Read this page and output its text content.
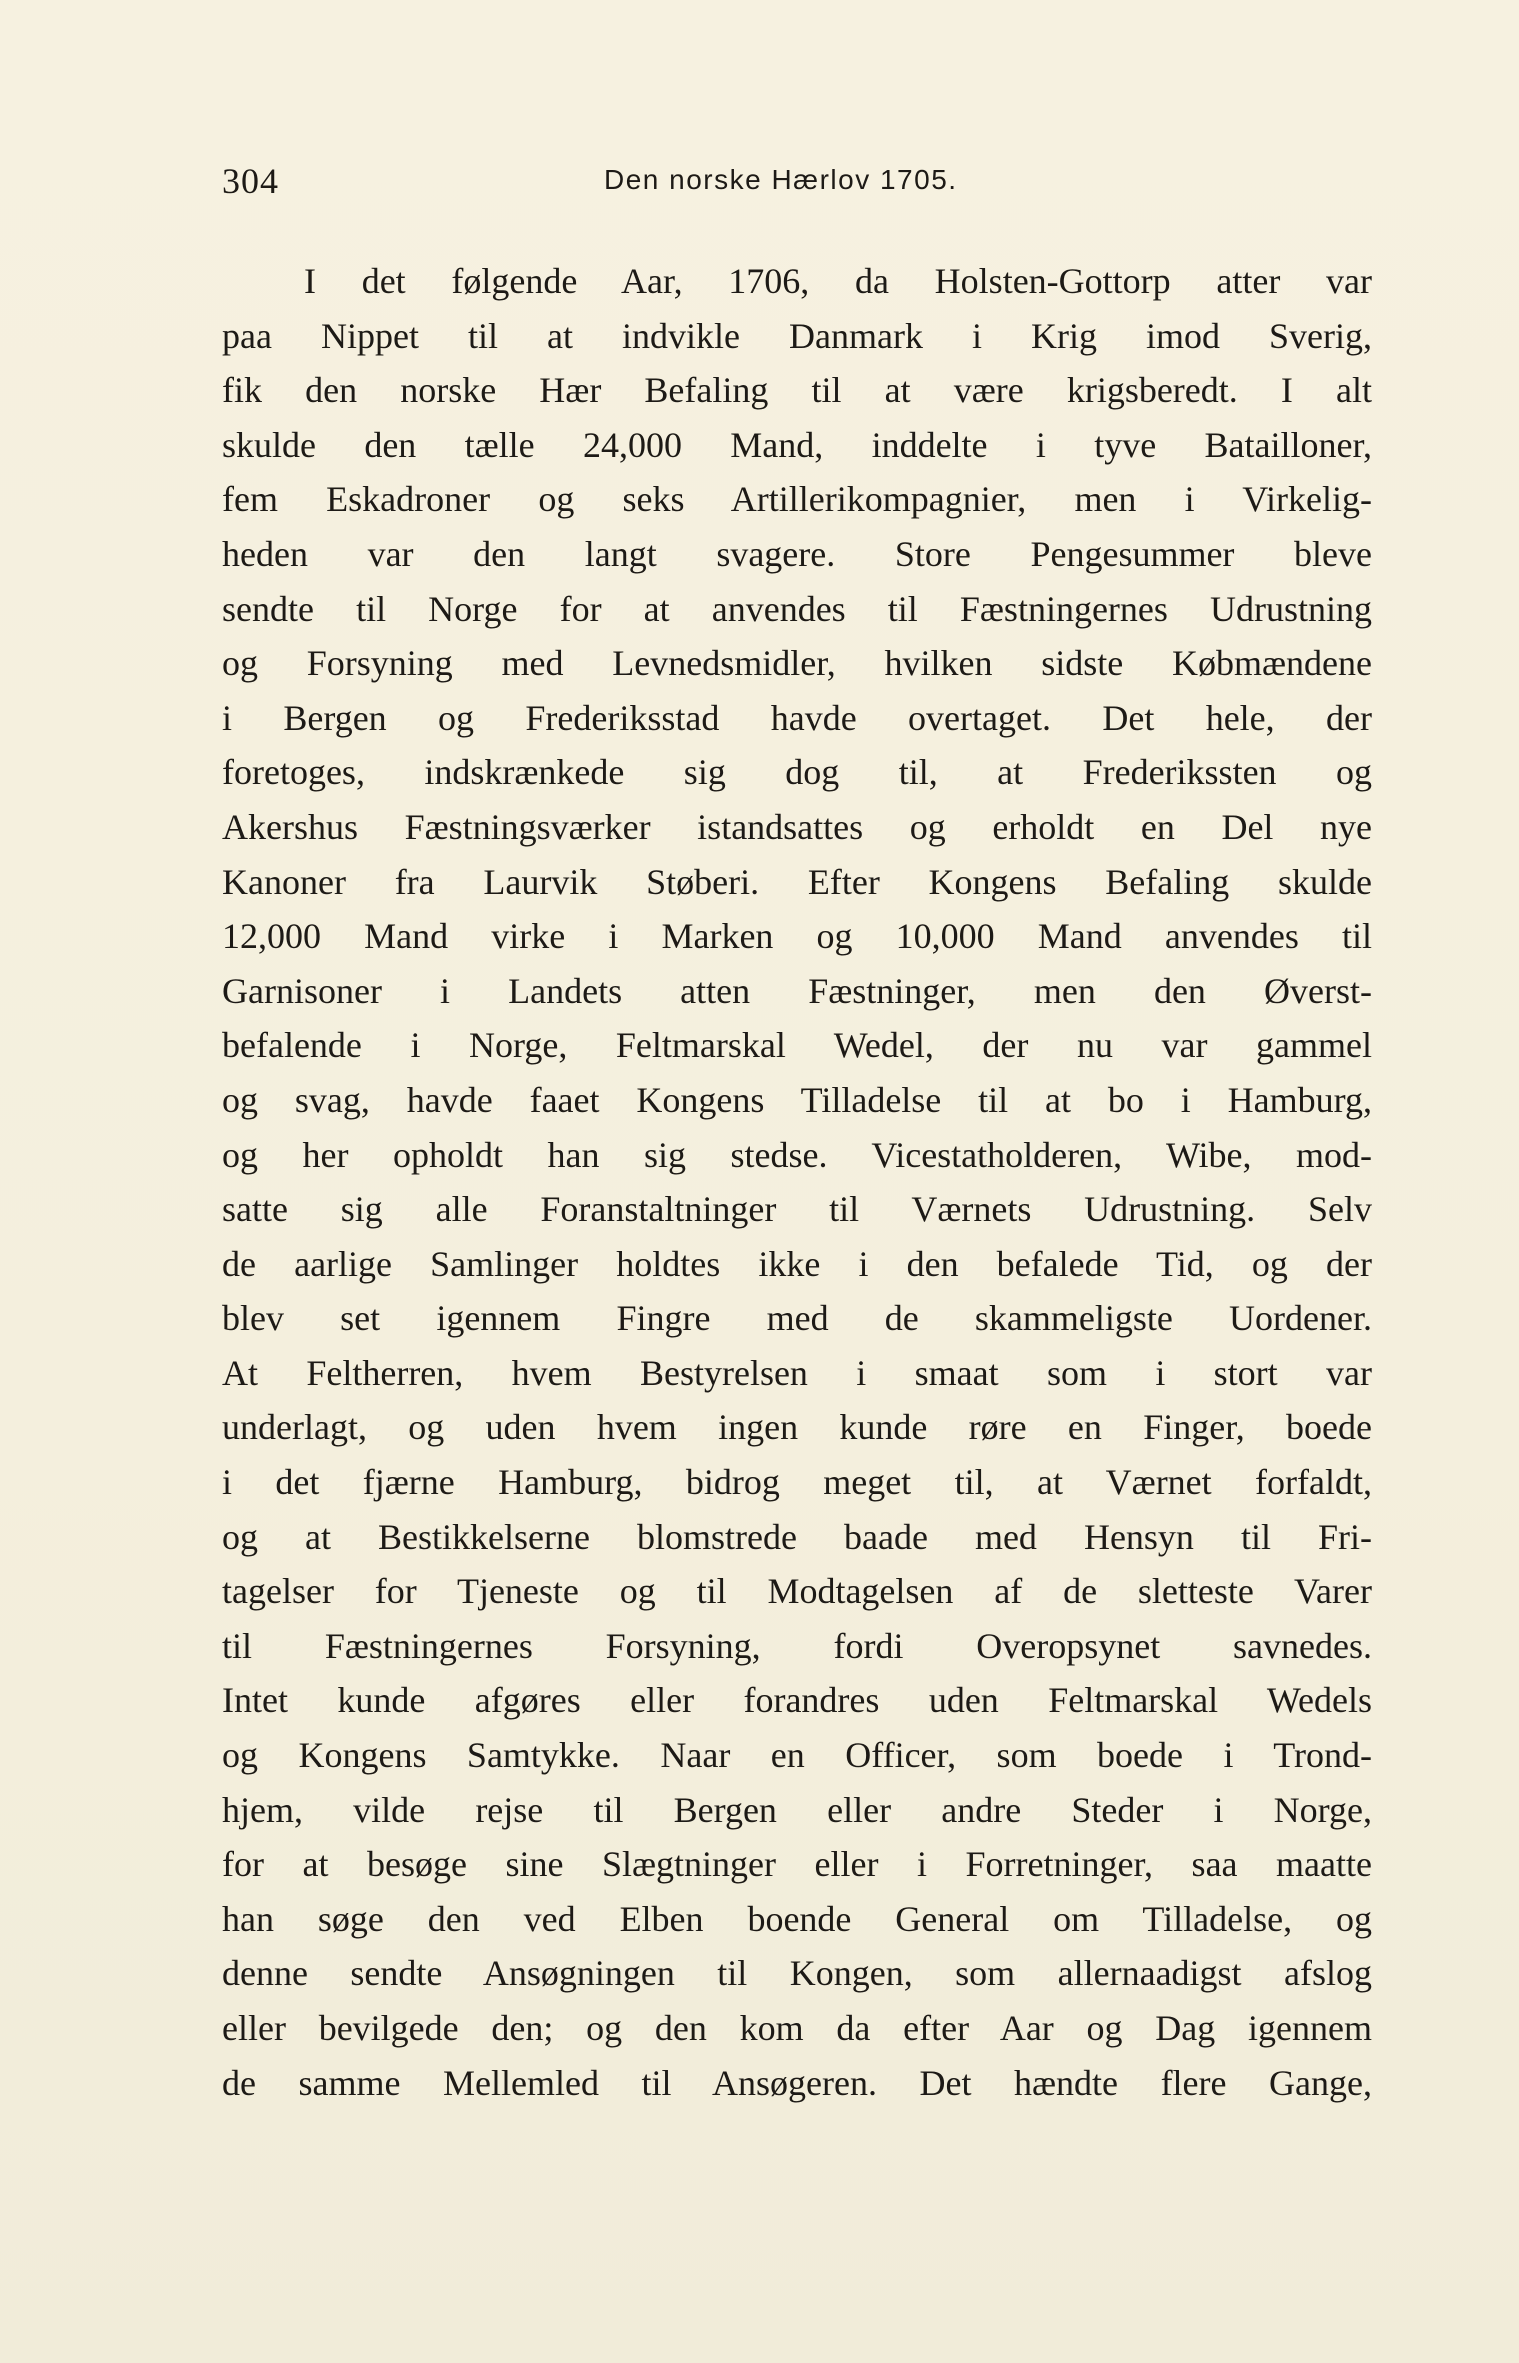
304	Den norske Hærlov 1705.
I det følgende Aar, 1706, da Holsten-Gottorp atter var
paa Nippet til at indvikle Danmark i Krig imod Sverig,
fik den norske Hær Befaling til at være krigsberedt. I alt
skulde den tælle 24,000 Mand, inddelte i tyve Batailloner,
fem Eskadroner og seks Artillerikompagnier, men i Virkelig-
heden var den langt svagere. Store Pengesummer bleve
sendte til Norge for at anvendes til Fæstningernes Udrustning
og Forsyning med Levnedsmidler, hvilken sidste Købmændene
i Bergen og Frederiksstad havde overtaget. Det hele, der
foretoges, indskrænkede sig dog til, at Frederikssten og
Akershus Fæstningsværker istandsattes og erholdt en Del nye
Kanoner fra Laurvik Støberi. Efter Kongens Befaling skulde
12,000 Mand virke i Marken og 10,000 Mand anvendes til
Garnisoner i Landets atten Fæstninger, men den Øverst-
befalende i Norge, Feltmarskal Wedel, der nu var gammel
og svag, havde faaet Kongens Tilladelse til at bo i Hamburg,
og her opholdt han sig stedse. Vicestatholderen, Wibe, mod-
satte sig alle Foranstaltninger til Værnets Udrustning. Selv
de aarlige Samlinger holdtes ikke i den befalede Tid, og der
blev set igennem Fingre med de skammeligste Uordener.
At Feltherren, hvem Bestyrelsen i smaat som i stort var
underlagt, og uden hvem ingen kunde røre en Finger, boede
i det fjærne Hamburg, bidrog meget til, at Værnet forfaldt,
og at Bestikkelserne blomstrede baade med Hensyn til Fri-
tagelser for Tjeneste og til Modtagelsen af de sletteste Varer
til Fæstningernes Forsyning, fordi Overopsynet savnedes.
Intet kunde afgøres eller forandres uden Feltmarskal Wedels
og Kongens Samtykke. Naar en Officer, som boede i Trond-
hjem, vilde rejse til Bergen eller andre Steder i Norge,
for at besøge sine Slægtninger eller i Forretninger, saa maatte
han søge den ved Elben boende General om Tilladelse, og
denne sendte Ansøgningen til Kongen, som allernaadigst afslog
eller bevilgede den; og den kom da efter Aar og Dag igennem
de samme Mellemled til Ansøgeren. Det hændte flere Gange,
